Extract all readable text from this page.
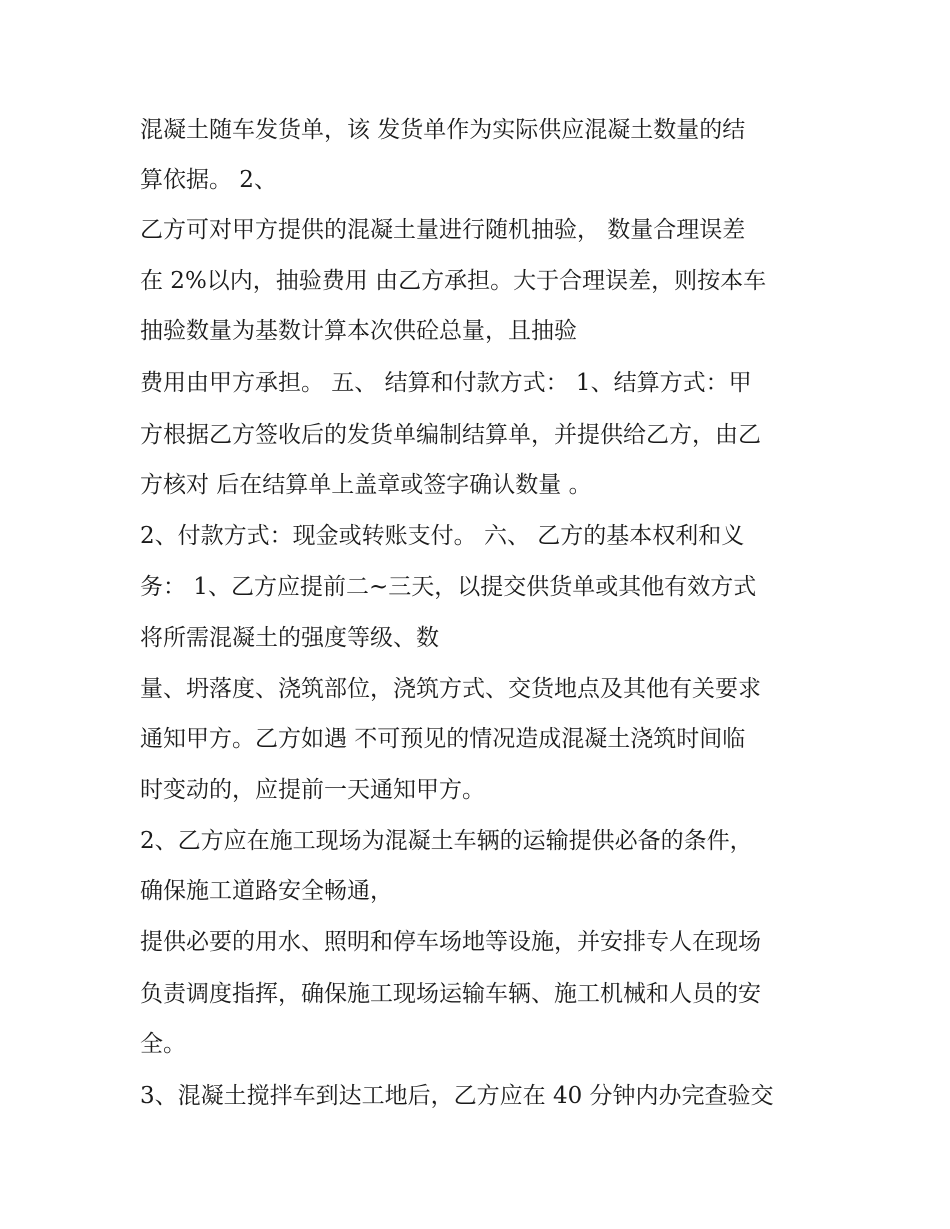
混凝土随车发货单，该 发货单作为实际供应混凝土数量的结
算依据。 2、
乙方可对甲方提供的混凝土量进行随机抽验， 数量合理误差
在 2%以内，抽验费用 由乙方承担。大于合理误差，则按本车
抽验数量为基数计算本次供砼总量，且抽验
费用由甲方承担。 五、 结算和付款方式： 1、结算方式：甲
方根据乙方签收后的发货单编制结算单，并提供给乙方，由乙
方核对 后在结算单上盖章或签字确认数量 。
2、付款方式：现金或转账支付。 六、 乙方的基本权利和义
务： 1、乙方应提前二~三天，以提交供货单或其他有效方式
将所需混凝土的强度等级、数
量、坍落度、浇筑部位，浇筑方式、交货地点及其他有关要求
通知甲方。乙方如遇 不可预见的情况造成混凝土浇筑时间临
时变动的，应提前一天通知甲方。
2、乙方应在施工现场为混凝土车辆的运输提供必备的条件，
确保施工道路安全畅通，
提供必要的用水、照明和停车场地等设施，并安排专人在现场
负责调度指挥，确保施工现场运输车辆、施工机械和人员的安
全。
3、混凝土搅拌车到达工地后，乙方应在 40 分钟内办完查验交
